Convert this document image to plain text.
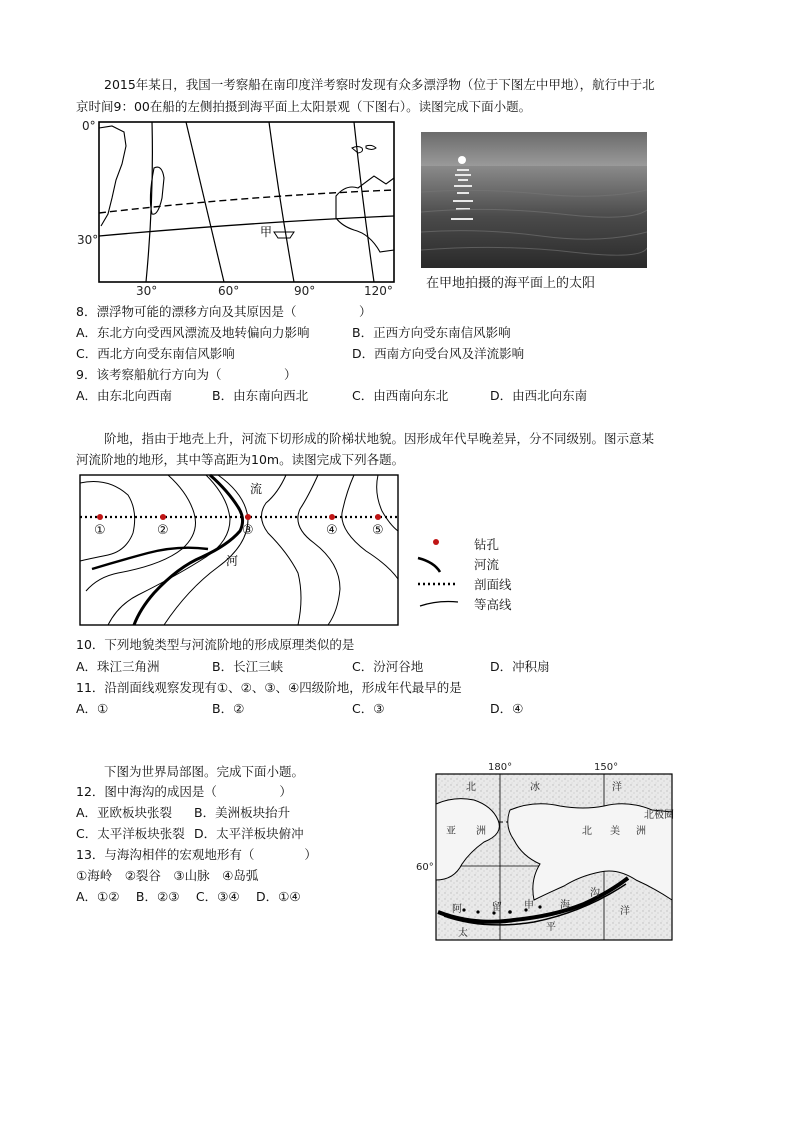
2015年某日，我国一考察船在南印度洋考察时发现有众多漂浮物（位于下图左中甲地），航行中于北
京时间9：00在船的左侧拍摄到海平面上太阳景观（下图右）。读图完成下面小题。
0°
30°
30°	60°	90°	120°
甲
在甲地拍摄的海平面上的太阳
8．漂浮物可能的漂移方向及其原因是（　　　　　）
A．东北方向受西风漂流及地转偏向力影响	B．正西方向受东南信风影响
C．西北方向受东南信风影响	D．西南方向受台风及洋流影响
9．该考察船航行方向为（　　　　　）
A．由东北向西南	B．由东南向西北	C．由西南向东北	D．由西北向东南
阶地，指由于地壳上升，河流下切形成的阶梯状地貌。因形成年代早晚差异，分不同级别。图示意某
河流阶地的地形，其中等高距为10m。读图完成下列各题。
①	②	③	④	⑤
流
河
钻孔
河流
剖面线
等高线
10．下列地貌类型与河流阶地的形成原理类似的是
A．珠江三角洲	B．长江三峡	C．汾河谷地	D．冲积扇
11．沿剖面线观察发现有①、②、③、④四级阶地，形成年代最早的是
A．①	B．②	C．③	D．④
下图为世界局部图。完成下面小题。
12．图中海沟的成因是（　　　　　）
A．亚欧板块张裂 B．美洲板块抬升
C．太平洋板块张裂 D．太平洋板块俯冲
13．与海沟相伴的宏观地形有（　　　　）
①海岭　②裂谷　③山脉　④岛弧
A．①②　 B．②③　 C．③④　 D．①④
180°	150°
60°
北极圈
北	冰	洋
亚 洲	北 美 洲
阿	留 申	海
沟
太
平
洋
